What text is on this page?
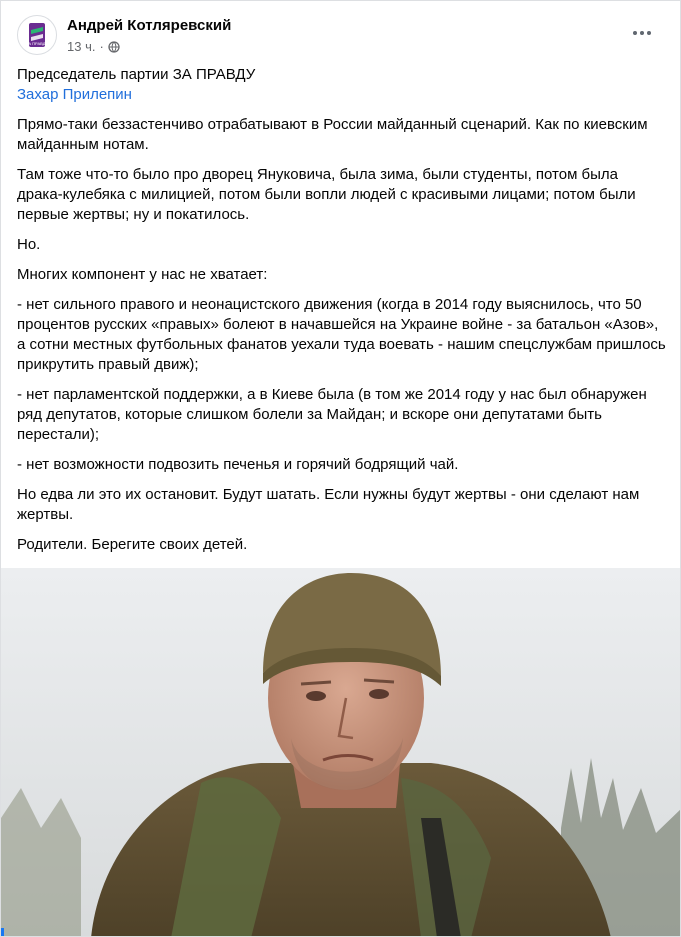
ЗА ПРАВДУ
Андрей Котляревский
13 ч. ·

Председатель партии ЗА ПРАВДУ
Захар Прилепин

Прямо-таки беззастенчиво отрабатывают в России майданный сценарий. Как по киевским майданным нотам.

Там тоже что-то было про дворец Януковича, была зима, были студенты, потом была драка-кулебяка с милицией, потом были вопли людей с красивыми лицами; потом были первые жертвы; ну и покатилось.

Но.

Многих компонент у нас не хватает:

- нет сильного правого и неонацистского движения (когда в 2014 году выяснилось, что 50 процентов русских «правых» болеют в начавшейся на Украине войне - за батальон «Азов», а сотни местных футбольных фанатов уехали туда воевать - нашим спецслужбам пришлось прикрутить правый движ);

- нет парламентской поддержки, а в Киеве была (в том же 2014 году у нас был обнаружен ряд депутатов, которые слишком болели за Майдан; и вскоре они депутатами быть перестали);

- нет возможности подвозить печенья и горячий бодрящий чай.

Но едва ли это их остановит. Будут шатать. Если нужны будут жертвы - они сделают нам жертвы.

Родители. Берегите своих детей.
